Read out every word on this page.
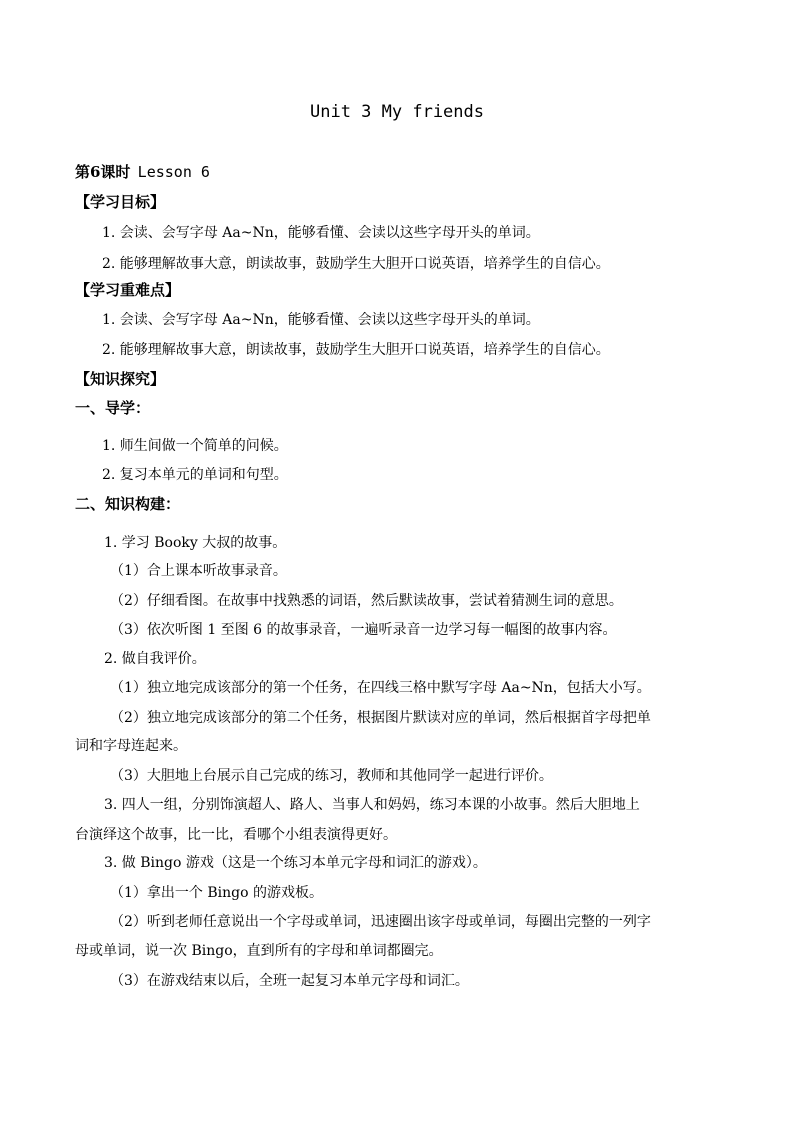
Unit 3 My friends
第6课时 Lesson 6
【学习目标】
1. 会读、会写字母 Aa~Nn，能够看懂、会读以这些字母开头的单词。
2. 能够理解故事大意，朗读故事，鼓励学生大胆开口说英语，培养学生的自信心。
【学习重难点】
1. 会读、会写字母 Aa~Nn，能够看懂、会读以这些字母开头的单词。
2. 能够理解故事大意，朗读故事，鼓励学生大胆开口说英语，培养学生的自信心。
【知识探究】
一、导学：
1. 师生间做一个简单的问候。
2. 复习本单元的单词和句型。
二、知识构建：
1. 学习 Booky 大叔的故事。
（1）合上课本听故事录音。
（2）仔细看图。在故事中找熟悉的词语，然后默读故事，尝试着猜测生词的意思。
（3）依次听图 1 至图 6 的故事录音，一遍听录音一边学习每一幅图的故事内容。
2. 做自我评价。
（1）独立地完成该部分的第一个任务，在四线三格中默写字母 Aa~Nn，包括大小写。
（2）独立地完成该部分的第二个任务，根据图片默读对应的单词，然后根据首字母把单
词和字母连起来。
（3）大胆地上台展示自己完成的练习，教师和其他同学一起进行评价。
3. 四人一组，分别饰演超人、路人、当事人和妈妈，练习本课的小故事。然后大胆地上
台演绎这个故事，比一比，看哪个小组表演得更好。
3. 做 Bingo 游戏（这是一个练习本单元字母和词汇的游戏）。
（1）拿出一个 Bingo 的游戏板。
（2）听到老师任意说出一个字母或单词，迅速圈出该字母或单词，每圈出完整的一列字
母或单词，说一次 Bingo，直到所有的字母和单词都圈完。
（3）在游戏结束以后，全班一起复习本单元字母和词汇。
